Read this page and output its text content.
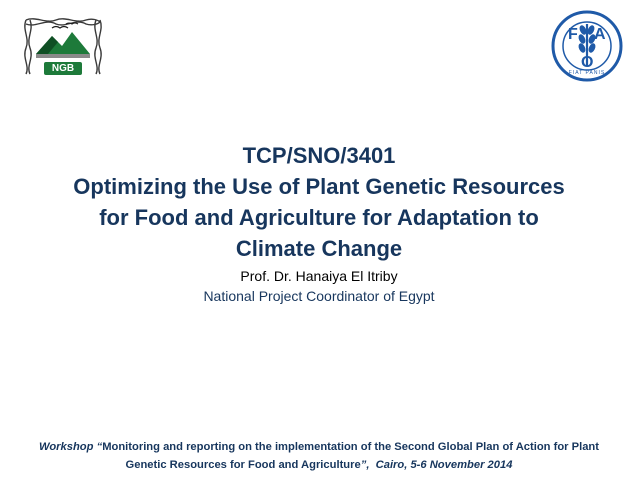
NGB
F A
O
FIAT PANIS
TCP/SNO/3401
Optimizing the Use of Plant Genetic Resources
for Food and Agriculture for Adaptation to
Climate Change
Prof. Dr. Hanaiya El Itriby
National Project Coordinator of Egypt
Workshop “Monitoring and reporting on the implementation of the Second Global Plan of Action for Plant
Genetic Resources for Food and Agriculture”,  Cairo, 5-6 November 2014
